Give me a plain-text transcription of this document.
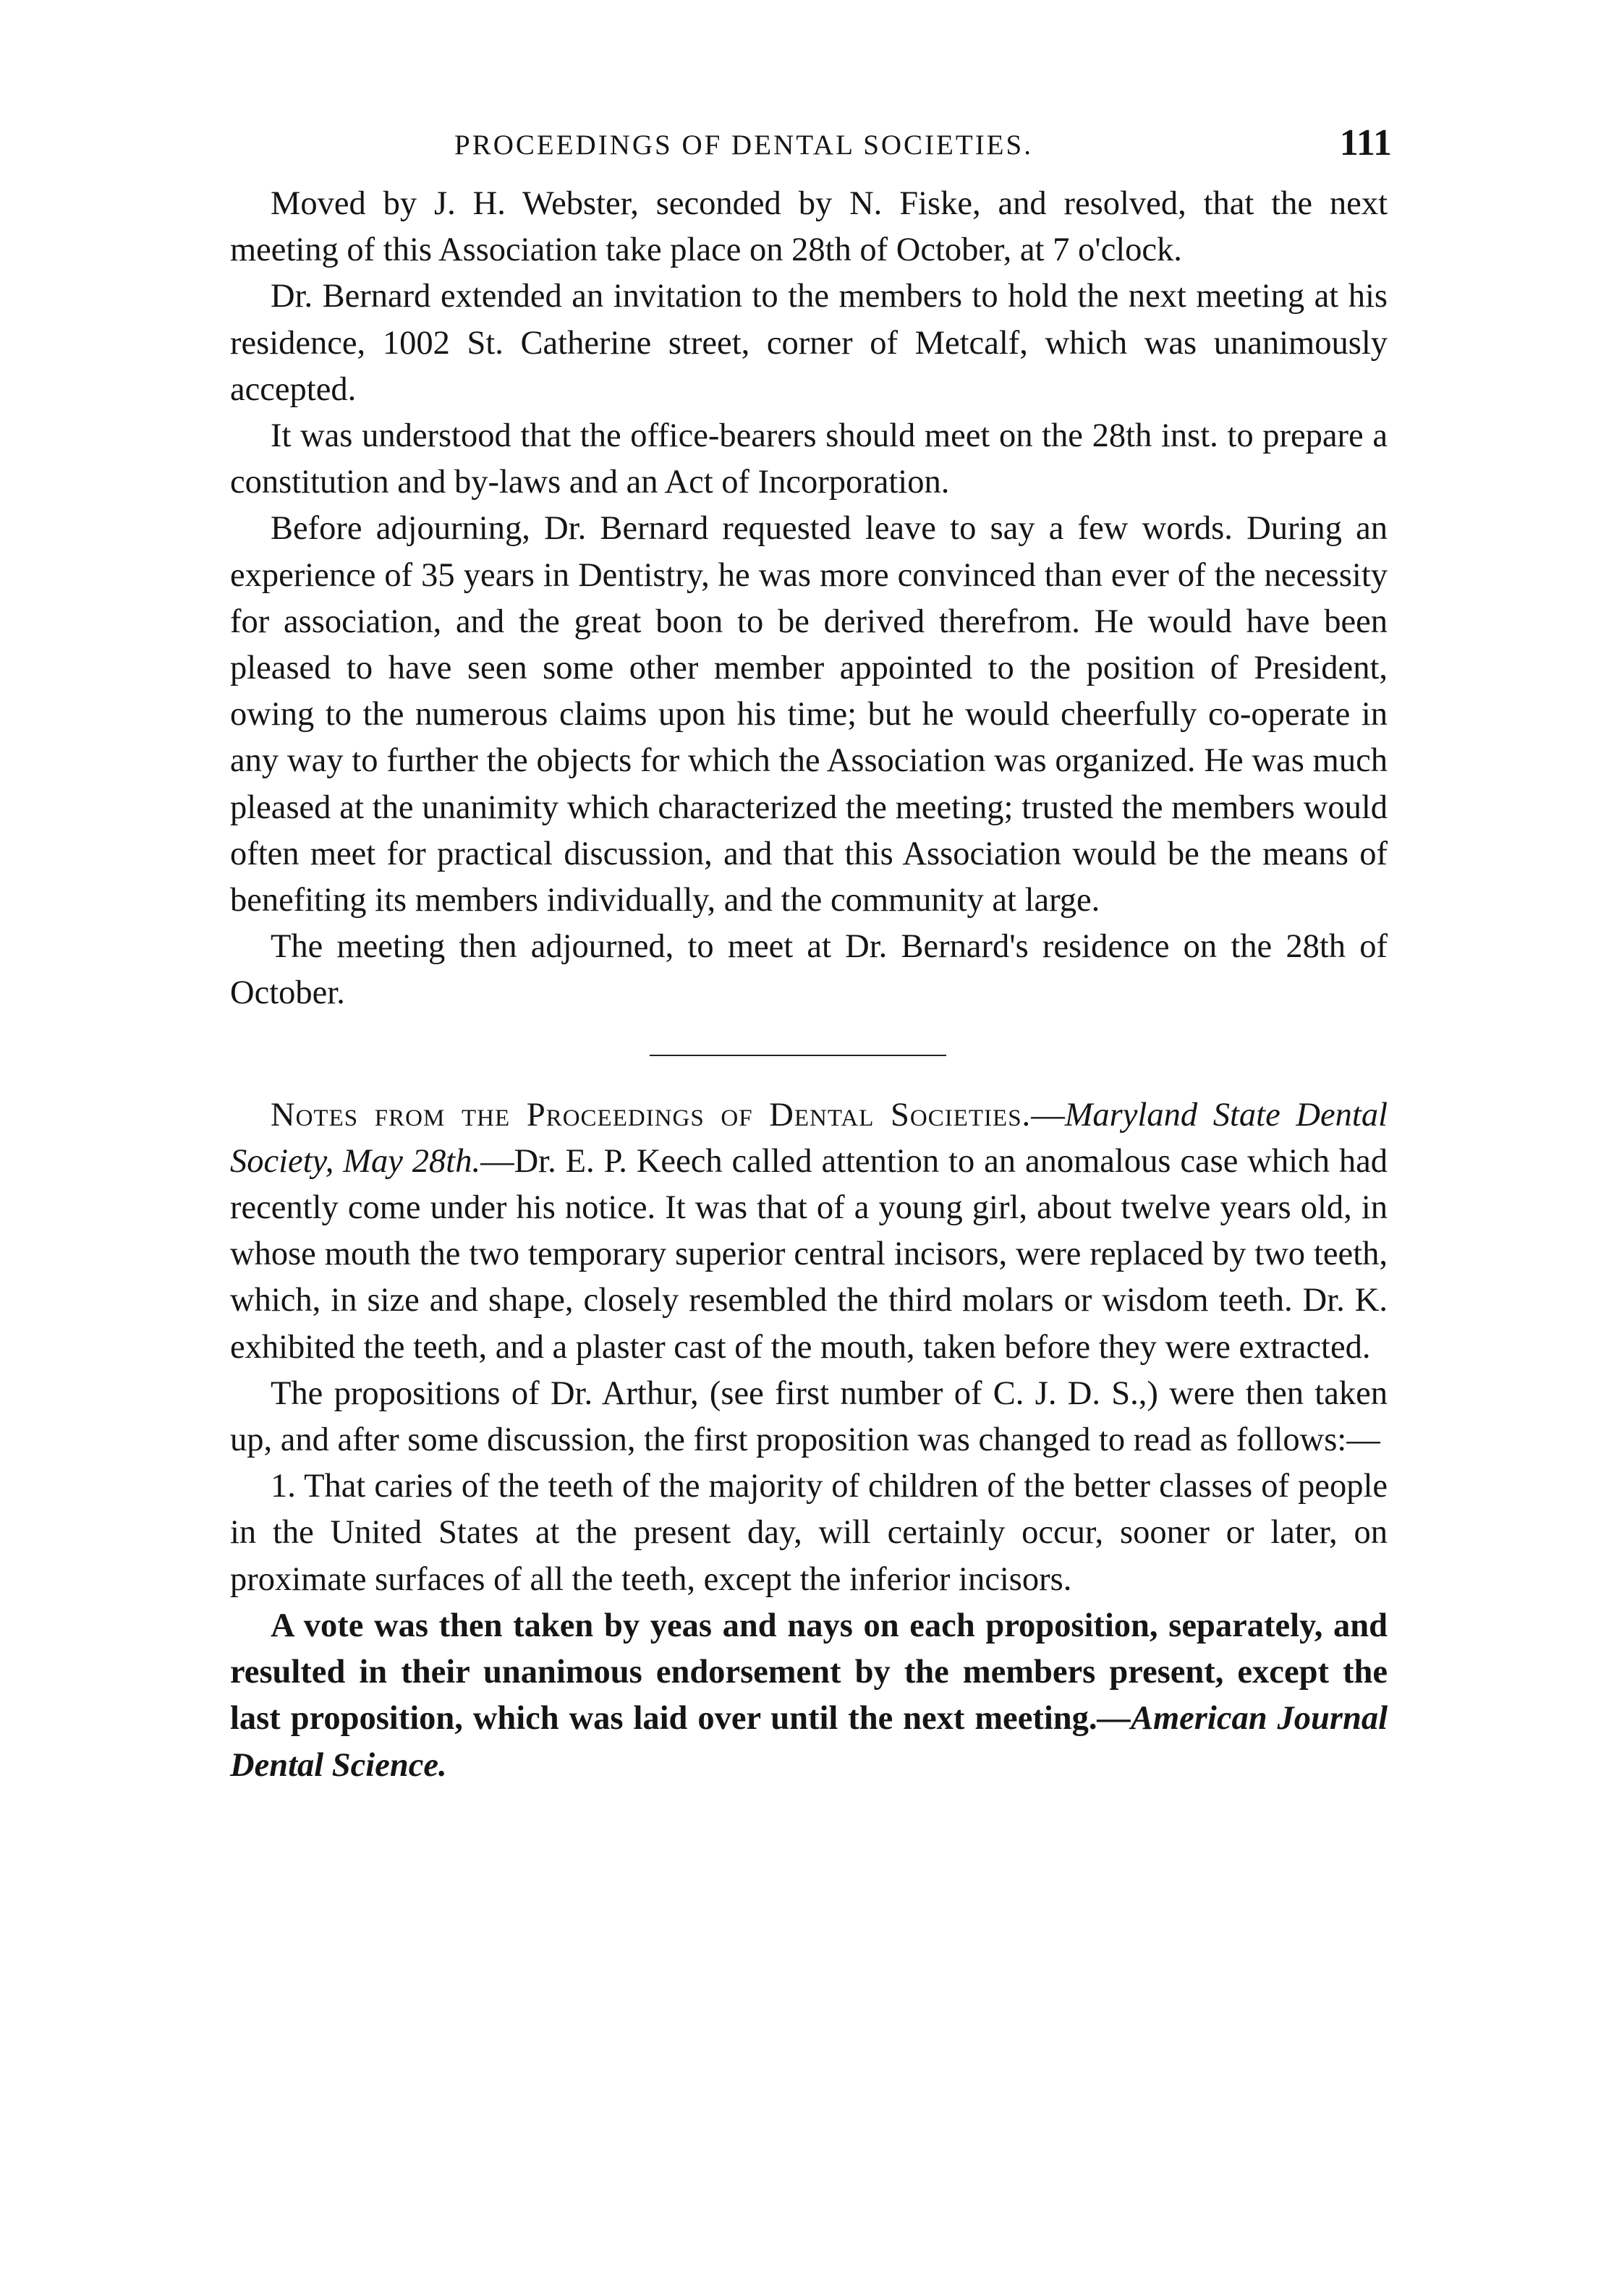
PROCEEDINGS OF DENTAL SOCIETIES.	111

Moved by J. H. Webster, seconded by N. Fiske, and resolved, that the next meeting of this Association take place on 28th of October, at 7 o'clock.

Dr. Bernard extended an invitation to the members to hold the next meeting at his residence, 1002 St. Catherine street, corner of Metcalf, which was unanimously accepted.

It was understood that the office-bearers should meet on the 28th inst. to prepare a constitution and by-laws and an Act of Incorporation.

Before adjourning, Dr. Bernard requested leave to say a few words. During an experience of 35 years in Dentistry, he was more convinced than ever of the necessity for association, and the great boon to be derived therefrom. He would have been pleased to have seen some other member appointed to the position of President, owing to the numerous claims upon his time; but he would cheerfully co-operate in any way to further the objects for which the Association was organized. He was much pleased at the unanimity which characterized the meeting; trusted the members would often meet for practical discussion, and that this Association would be the means of benefiting its members individually, and the community at large.

The meeting then adjourned, to meet at Dr. Bernard's residence on the 28th of October.

Notes from the Proceedings of Dental Societies.—Maryland State Dental Society, May 28th.—Dr. E. P. Keech called attention to an anomalous case which had recently come under his notice. It was that of a young girl, about twelve years old, in whose mouth the two temporary superior central incisors, were replaced by two teeth, which, in size and shape, closely resembled the third molars or wisdom teeth. Dr. K. exhibited the teeth, and a plaster cast of the mouth, taken before they were extracted.

The propositions of Dr. Arthur, (see first number of C. J. D. S.,) were then taken up, and after some discussion, the first proposition was changed to read as follows:—

1. That caries of the teeth of the majority of children of the better classes of people in the United States at the present day, will certainly occur, sooner or later, on proximate surfaces of all the teeth, except the inferior incisors.

A vote was then taken by yeas and nays on each proposition, separately, and resulted in their unanimous endorsement by the members present, except the last proposition, which was laid over until the next meeting.—American Journal Dental Science.
